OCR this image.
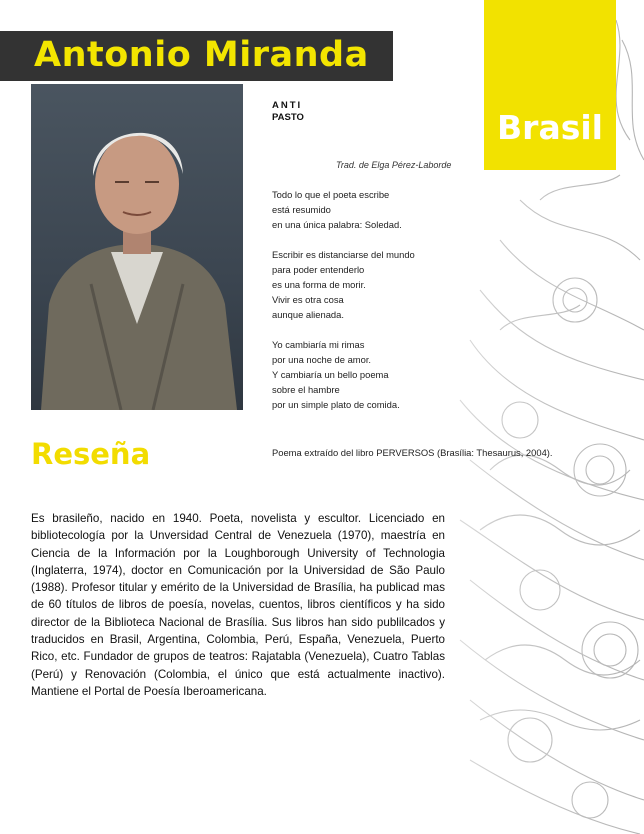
Antonio Miranda
Brasil
ANTI
PASTO
Trad. de Elga Pérez-Laborde
Todo lo que el poeta escribe
está resumido
en una única palabra: Soledad.
Escribir es distanciarse del mundo
para poder entenderlo
es una forma de morir.
Vivir es otra cosa
aunque alienada.
Yo cambiaría mi rimas
por una noche de amor.
Y cambiaría un bello poema
sobre el hambre
por un simple plato de comida.
Reseña	Poema extraído del libro PERVERSOS (Brasília: Thesaurus, 2004).
Es brasileño, nacido en 1940. Poeta, novelista y escultor. Licenciado en bibliotecología por la Unversidad Central de Venezuela (1970), maestría en Ciencia de la Información por la Loughborough University of Technologia (Inglaterra, 1974), doctor en Comunicación por la Universidad de São Paulo (1988). Profesor titular y emérito de la Universidad de Brasília, ha publicad mas de 60 títulos de libros de poesía, novelas, cuentos, libros científicos y ha sido director de la Biblioteca Nacional de Brasília. Sus libros han sido publilcados y traducidos en Brasil, Argentina, Colombia, Perú, España, Venezuela, Puerto Rico, etc. Fundador de grupos de teatros: Rajatabla (Venezuela), Cuatro Tablas (Perú) y Renovación (Colombia, el único que está actualmente inactivo). Mantiene el Portal de Poesía Iberoamericana.
